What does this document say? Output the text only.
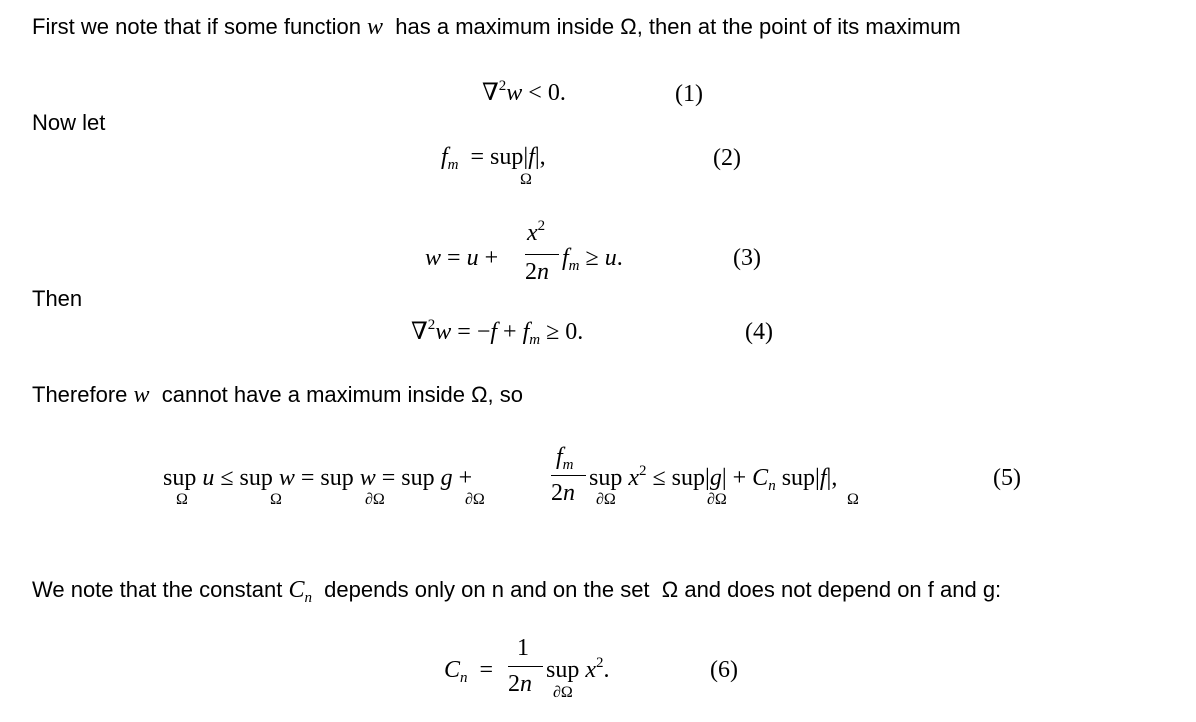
First we note that if some function w  has a maximum inside Ω, then at the point of its maximum
∇$^2$w < 0.	(1)
Now let
$f_m = sup|f|$,
Ω
(2)
w = u +
$x^2$
2n
$f_m \ge u$.	(3)
Then
$\nabla^2w = -f + f_m \ge 0$.	(4)
Therefore w  cannot have a maximum inside Ω, so
sup u ≤ sup w = sup w = sup g +
Ω	Ω	∂Ω	∂Ω
$f_m$
2n
sup $x^2 \le sup|g| + C_n$ sup|f|,
∂Ω	∂Ω	Ω
(5)
We note that the constant $C_n$  depends only on n and on the set  Ω and does not depend on f and g:
$C_n$  =
1
2n
sup $x^2$.
∂Ω
(6)
